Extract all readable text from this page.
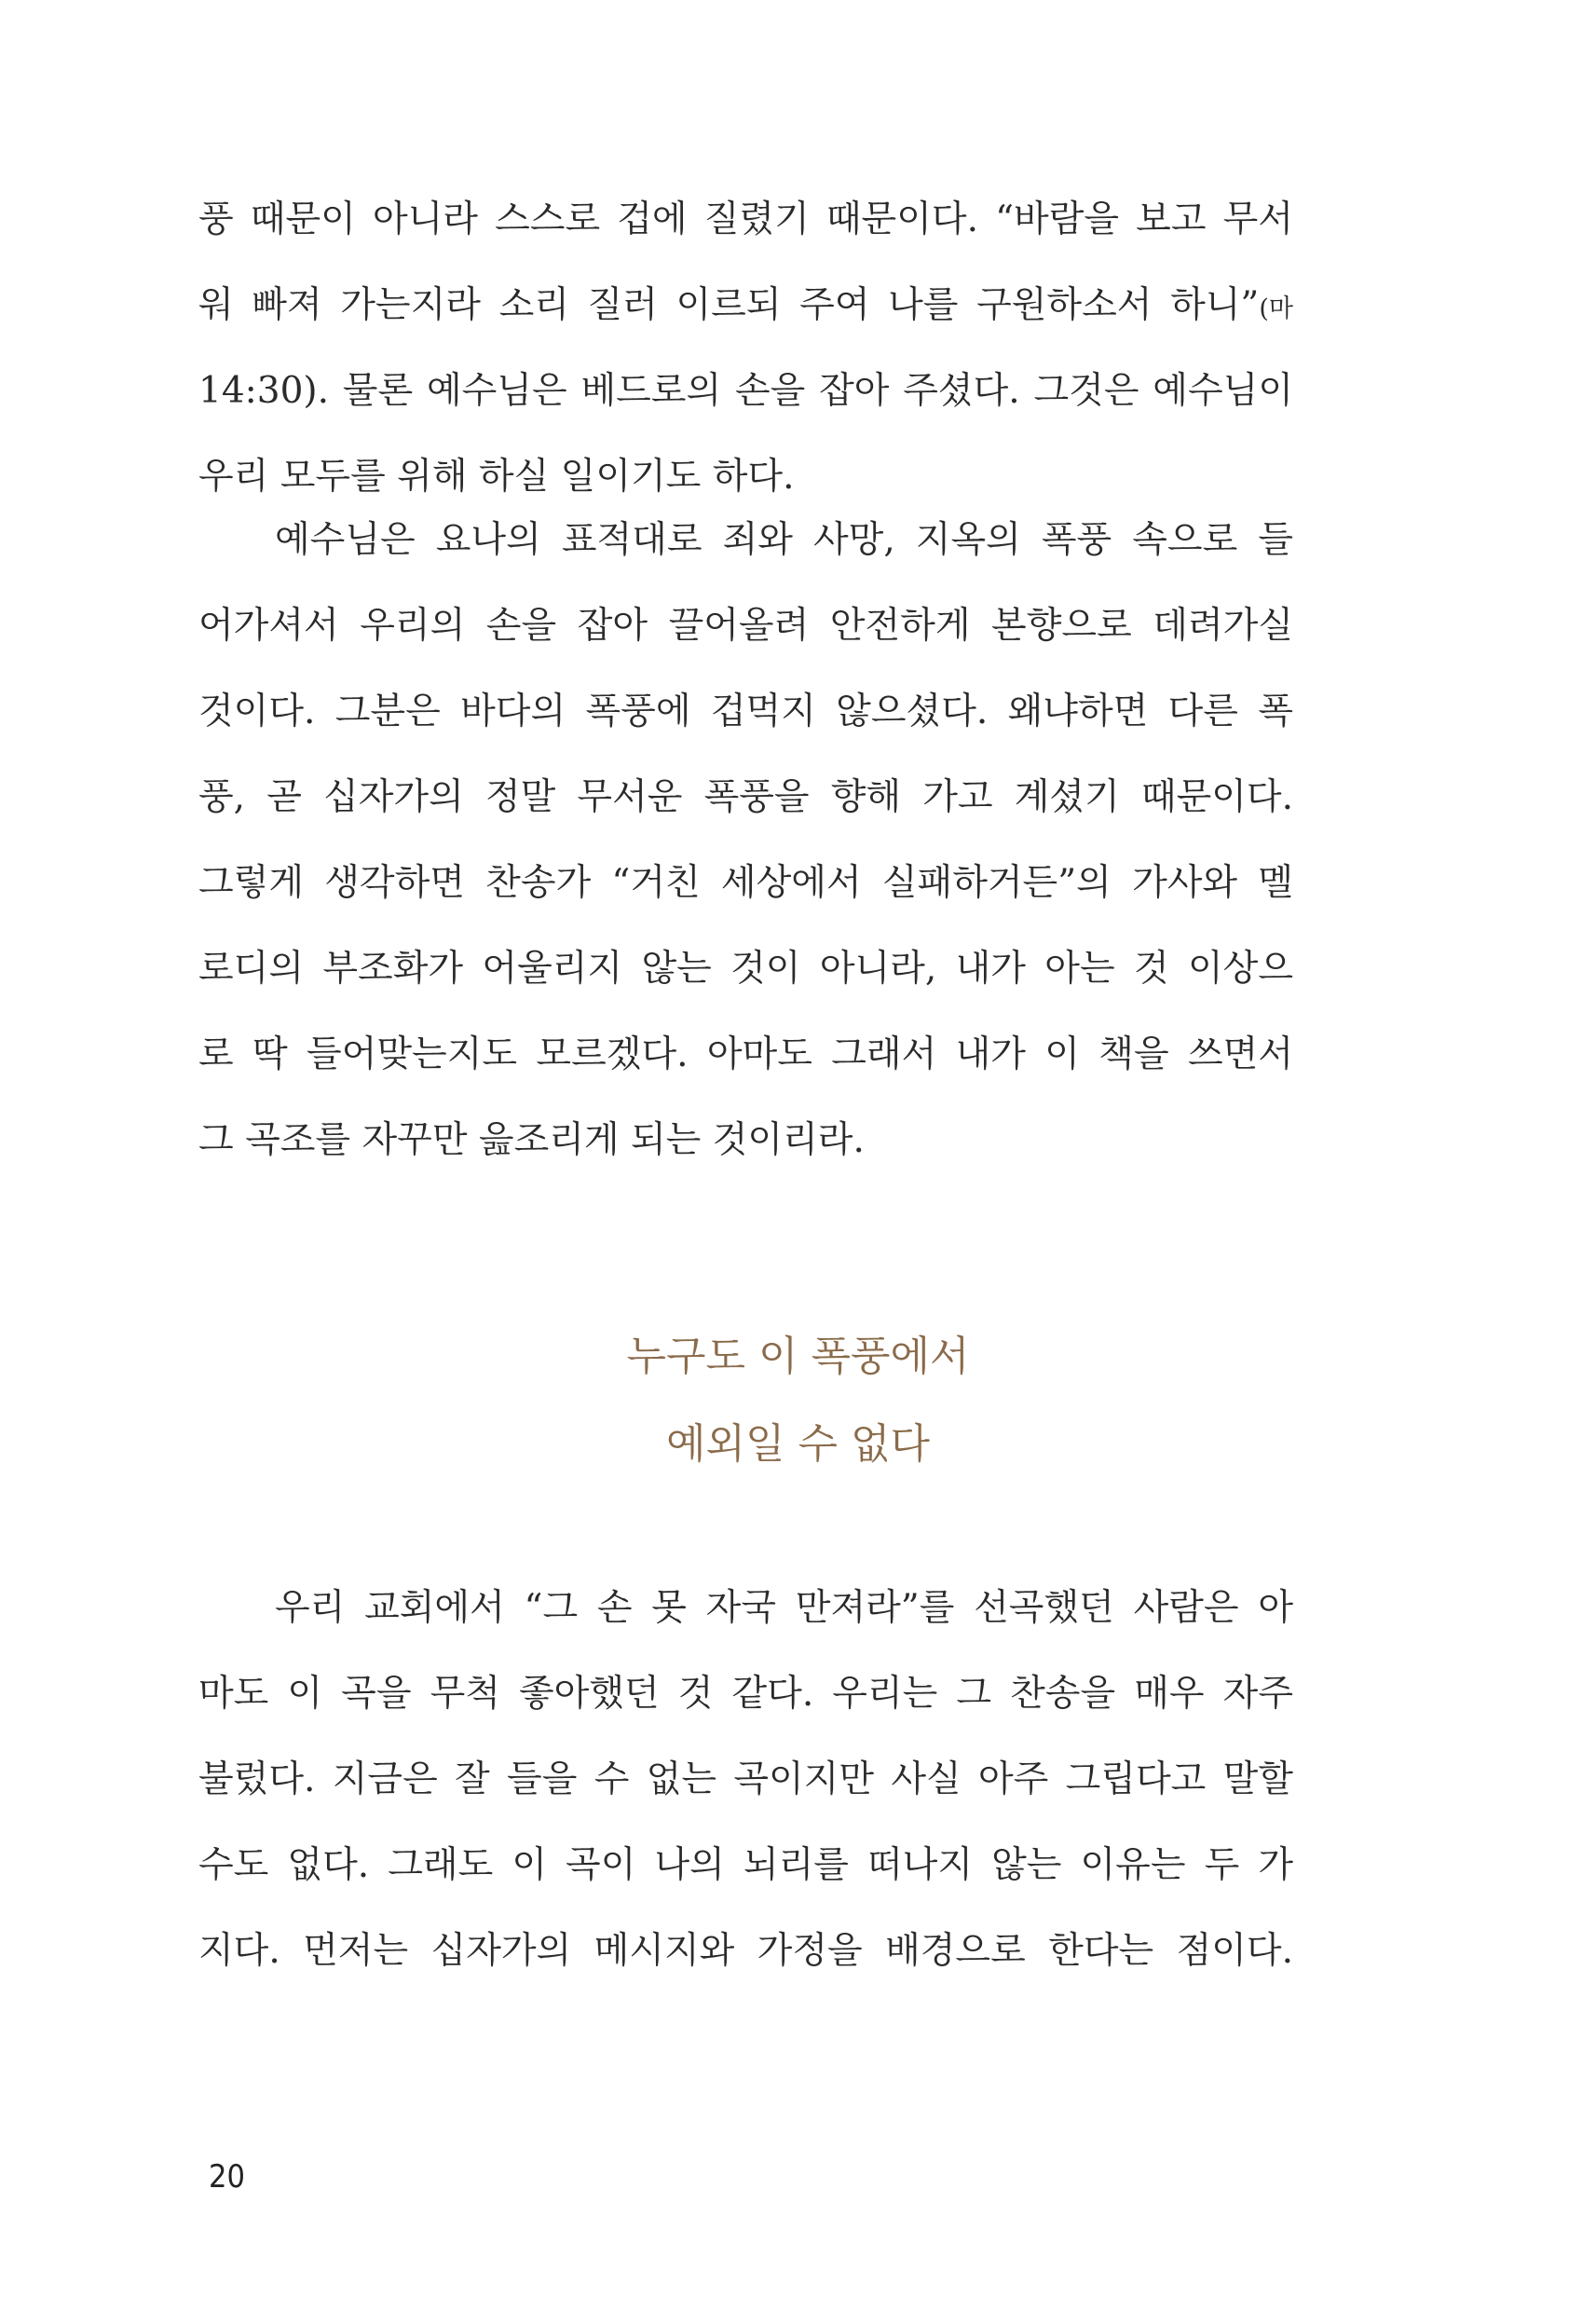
풍 때문이 아니라 스스로 겁에 질렸기 때문이다. “바람을 보고 무서
워 빠져 가는지라 소리 질러 이르되 주여 나를 구원하소서 하니”(마
14:30). 물론 예수님은 베드로의 손을 잡아 주셨다. 그것은 예수님이
우리 모두를 위해 하실 일이기도 하다.
예수님은 요나의 표적대로 죄와 사망, 지옥의 폭풍 속으로 들
어가셔서 우리의 손을 잡아 끌어올려 안전하게 본향으로 데려가실
것이다. 그분은 바다의 폭풍에 겁먹지 않으셨다. 왜냐하면 다른 폭
풍, 곧 십자가의 정말 무서운 폭풍을 향해 가고 계셨기 때문이다.
그렇게 생각하면 찬송가 “거친 세상에서 실패하거든”의 가사와 멜
로디의 부조화가 어울리지 않는 것이 아니라, 내가 아는 것 이상으
로 딱 들어맞는지도 모르겠다. 아마도 그래서 내가 이 책을 쓰면서
그 곡조를 자꾸만 읊조리게 되는 것이리라.
누구도 이 폭풍에서
예외일 수 없다
우리 교회에서 “그 손 못 자국 만져라”를 선곡했던 사람은 아
마도 이 곡을 무척 좋아했던 것 같다. 우리는 그 찬송을 매우 자주
불렀다. 지금은 잘 들을 수 없는 곡이지만 사실 아주 그립다고 말할
수도 없다. 그래도 이 곡이 나의 뇌리를 떠나지 않는 이유는 두 가
지다. 먼저는 십자가의 메시지와 가정을 배경으로 한다는 점이다.
20
